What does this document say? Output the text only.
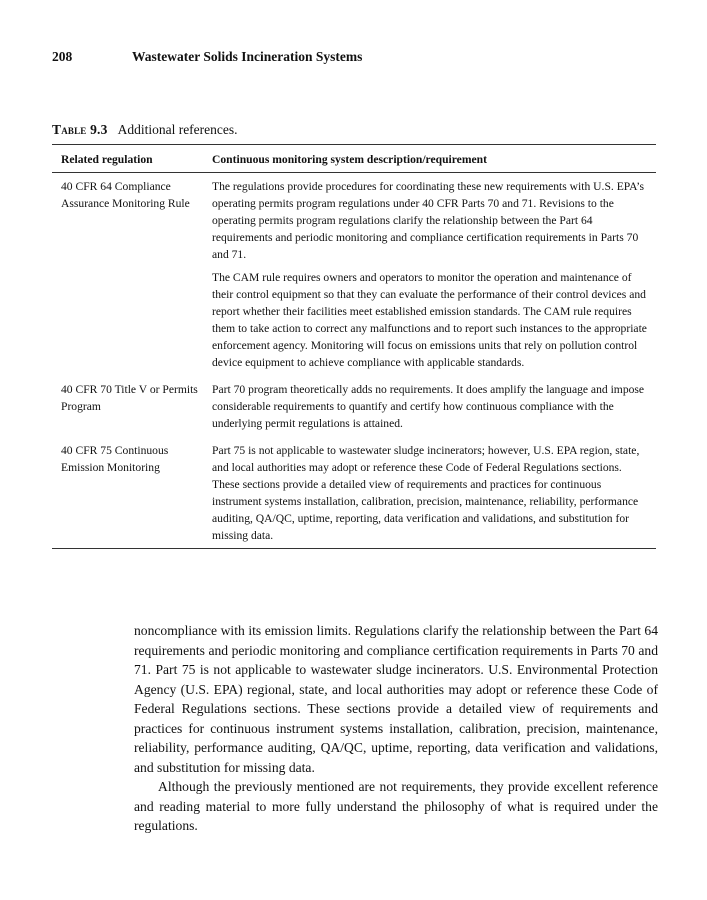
208	Wastewater Solids Incineration Systems
Table 9.3 Additional references.
Related regulation	Continuous monitoring system description/requirement
40 CFR 64 Compliance Assurance Monitoring Rule	The regulations provide procedures for coordinating these new requirements with U.S. EPA’s operating permits program regulations under 40 CFR Parts 70 and 71. Revisions to the operating permits program regulations clarify the relationship between the Part 64 requirements and periodic monitoring and compliance certification requirements in Parts 70 and 71.

The CAM rule requires owners and operators to monitor the operation and maintenance of their control equipment so that they can evaluate the performance of their control devices and report whether their facilities meet established emission standards. The CAM rule requires them to take action to correct any malfunctions and to report such instances to the appropriate enforcement agency. Monitoring will focus on emissions units that rely on pollution control device equipment to achieve compliance with applicable standards.

40 CFR 70 Title V or Permits Program	Part 70 program theoretically adds no requirements. It does amplify the language and impose considerable requirements to quantify and certify how continuous compliance with the underlying permit regulations is attained.

40 CFR 75 Continuous Emission Monitoring	Part 75 is not applicable to wastewater sludge incinerators; however, U.S. EPA region, state, and local authorities may adopt or reference these Code of Federal Regulations sections. These sections provide a detailed view of requirements and practices for continuous instrument systems installation, calibration, precision, maintenance, reliability, performance auditing, QA/QC, uptime, reporting, data verification and validations, and substitution for missing data.

noncompliance with its emission limits. Regulations clarify the relationship between the Part 64 requirements and periodic monitoring and compliance certification requirements in Parts 70 and 71. Part 75 is not applicable to wastewater sludge incinerators. U.S. Environmental Protection Agency (U.S. EPA) regional, state, and local authorities may adopt or reference these Code of Federal Regulations sections. These sections provide a detailed view of requirements and practices for continuous instrument systems installation, calibration, precision, maintenance, reliability, performance auditing, QA/QC, uptime, reporting, data verification and validations, and substitution for missing data.

Although the previously mentioned are not requirements, they provide excellent reference and reading material to more fully understand the philosophy of what is required under the regulations.
